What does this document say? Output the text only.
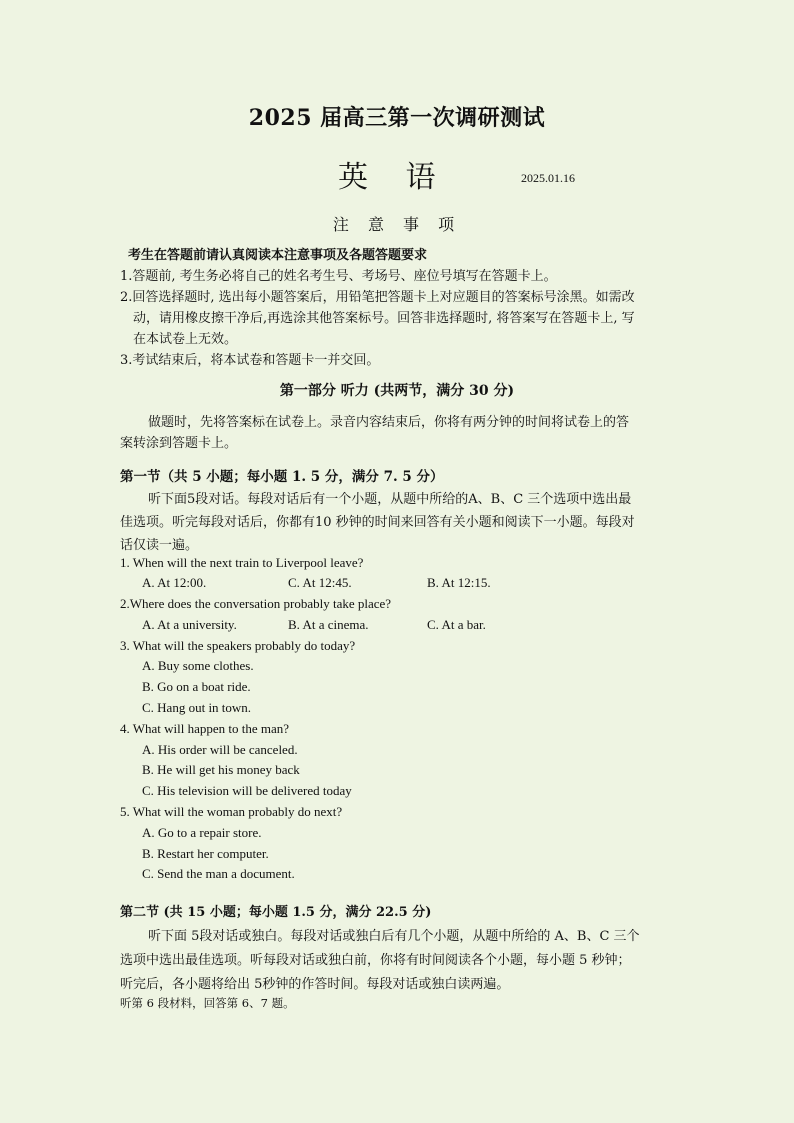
2025 届高三第一次调研测试
英 语	2025.01.16
注 意 事 项
考生在答题前请认真阅读本注意事项及各题答题要求
1.答题前, 考生务必将自己的姓名考生号、考场号、座位号填写在答题卡上。
2.回答选择题时, 选出每小题答案后，用铅笔把答题卡上对应题目的答案标号涂黑。如需改
动，请用橡皮擦干净后,再选涂其他答案标号。回答非选择题时, 将答案写在答题卡上, 写
在本试卷上无效。
3.考试结束后，将本试卷和答题卡一并交回。
第一部分 听力 (共两节，满分 30 分)
做题时，先将答案标在试卷上。录音内容结束后，你将有两分钟的时间将试卷上的答
案转涂到答题卡上。
第一节（共 5 小题；每小题 1. 5 分，满分 7. 5 分）
听下面5段对话。每段对话后有一个小题，从题中所给的A、B、C 三个选项中选出最
佳选项。听完每段对话后，你都有10 秒钟的时间来回答有关小题和阅读下一小题。每段对
话仅读一遍。
1. When will the next train to Liverpool leave?
A. At 12:00.	C. At 12:45.	B. At 12:15.
2.Where does the conversation probably take place?
A. At a university.	B. At a cinema.	C. At a bar.
3. What will the speakers probably do today?
A. Buy some clothes.
B. Go on a boat ride.
C. Hang out in town.
4. What will happen to the man?
A. His order will be canceled.
B. He will get his money back
C. His television will be delivered today
5. What will the woman probably do next?
A. Go to a repair store.
B. Restart her computer.
C. Send the man a document.
第二节 (共 15 小题；每小题 1.5 分，满分 22.5 分)
听下面 5段对话或独白。每段对话或独白后有几个小题，从题中所给的 A、B、C 三个
选项中选出最佳选项。听每段对话或独白前，你将有时间阅读各个小题，每小题 5 秒钟；
听完后，各小题将给出 5秒钟的作答时间。每段对话或独白读两遍。
听第 6 段材料，回答第 6、7 题。
